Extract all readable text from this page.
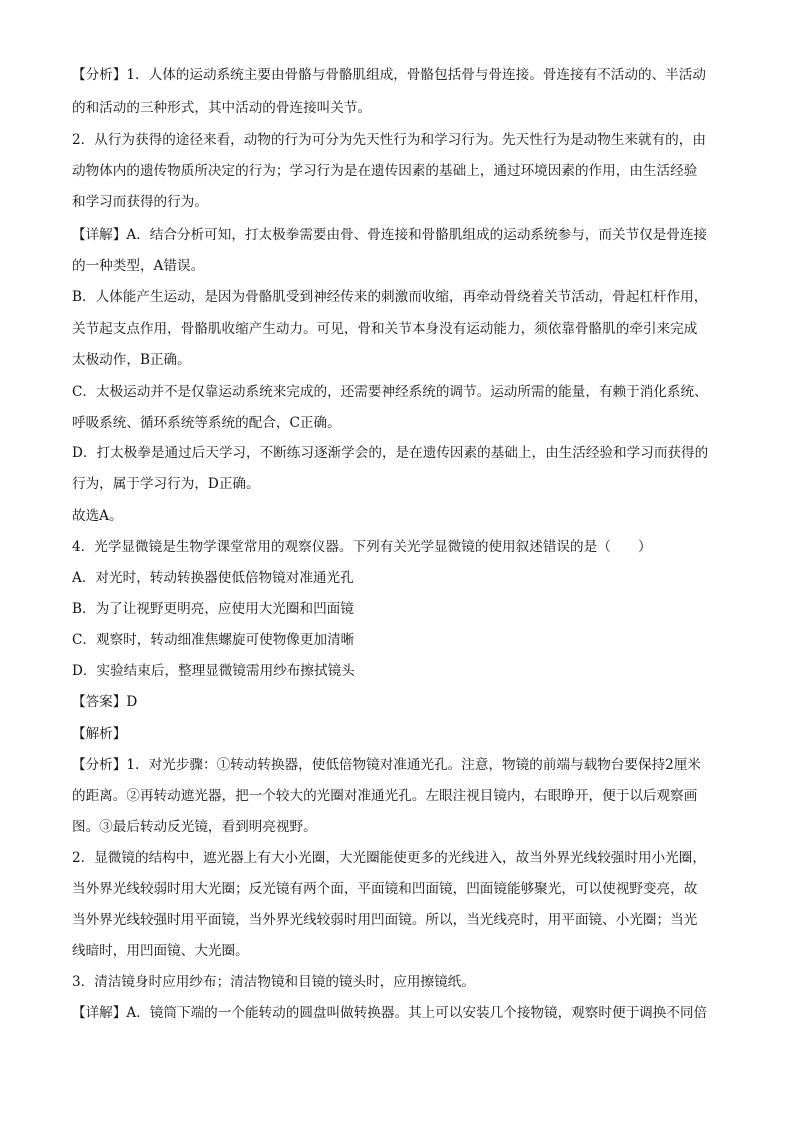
【分析】1．人体的运动系统主要由骨骼与骨骼肌组成，骨骼包括骨与骨连接。骨连接有不活动的、半活动
的和活动的三种形式，其中活动的骨连接叫关节。
2．从行为获得的途径来看，动物的行为可分为先天性行为和学习行为。先天性行为是动物生来就有的，由
动物体内的遗传物质所决定的行为；学习行为是在遗传因素的基础上，通过环境因素的作用，由生活经验
和学习而获得的行为。
【详解】A．结合分析可知，打太极拳需要由骨、骨连接和骨骼肌组成的运动系统参与，而关节仅是骨连接
的一种类型，A错误。
B．人体能产生运动，是因为骨骼肌受到神经传来的刺激而收缩，再牵动骨绕着关节活动，骨起杠杆作用，
关节起支点作用，骨骼肌收缩产生动力。可见，骨和关节本身没有运动能力，须依靠骨骼肌的牵引来完成
太极动作，B正确。
C．太极运动并不是仅靠运动系统来完成的，还需要神经系统的调节。运动所需的能量，有赖于消化系统、
呼吸系统、循环系统等系统的配合，C正确。
D．打太极拳是通过后天学习，不断练习逐渐学会的，是在遗传因素的基础上，由生活经验和学习而获得的
行为，属于学习行为，D正确。
故选A。
4．光学显微镜是生物学课堂常用的观察仪器。下列有关光学显微镜的使用叙述错误的是（　　）
A．对光时，转动转换器使低倍物镜对准通光孔
B．为了让视野更明亮，应使用大光圈和凹面镜
C．观察时，转动细准焦螺旋可使物像更加清晰
D．实验结束后，整理显微镜需用纱布擦拭镜头
【答案】D
【解析】
【分析】1．对光步骤：①转动转换器，使低倍物镜对准通光孔。注意，物镜的前端与载物台要保持2厘米
的距离。②再转动遮光器，把一个较大的光圈对准通光孔。左眼注视目镜内，右眼睁开，便于以后观察画
图。③最后转动反光镜，看到明亮视野。
2．显微镜的结构中，遮光器上有大小光圈，大光圈能使更多的光线进入，故当外界光线较强时用小光圈，
当外界光线较弱时用大光圈；反光镜有两个面，平面镜和凹面镜，凹面镜能够聚光，可以使视野变亮，故
当外界光线较强时用平面镜，当外界光线较弱时用凹面镜。所以，当光线亮时，用平面镜、小光圈；当光
线暗时，用凹面镜、大光圈。
3．清洁镜身时应用纱布；清洁物镜和目镜的镜头时，应用擦镜纸。
【详解】A．镜筒下端的一个能转动的圆盘叫做转换器。其上可以安装几个接物镜，观察时便于调换不同倍
